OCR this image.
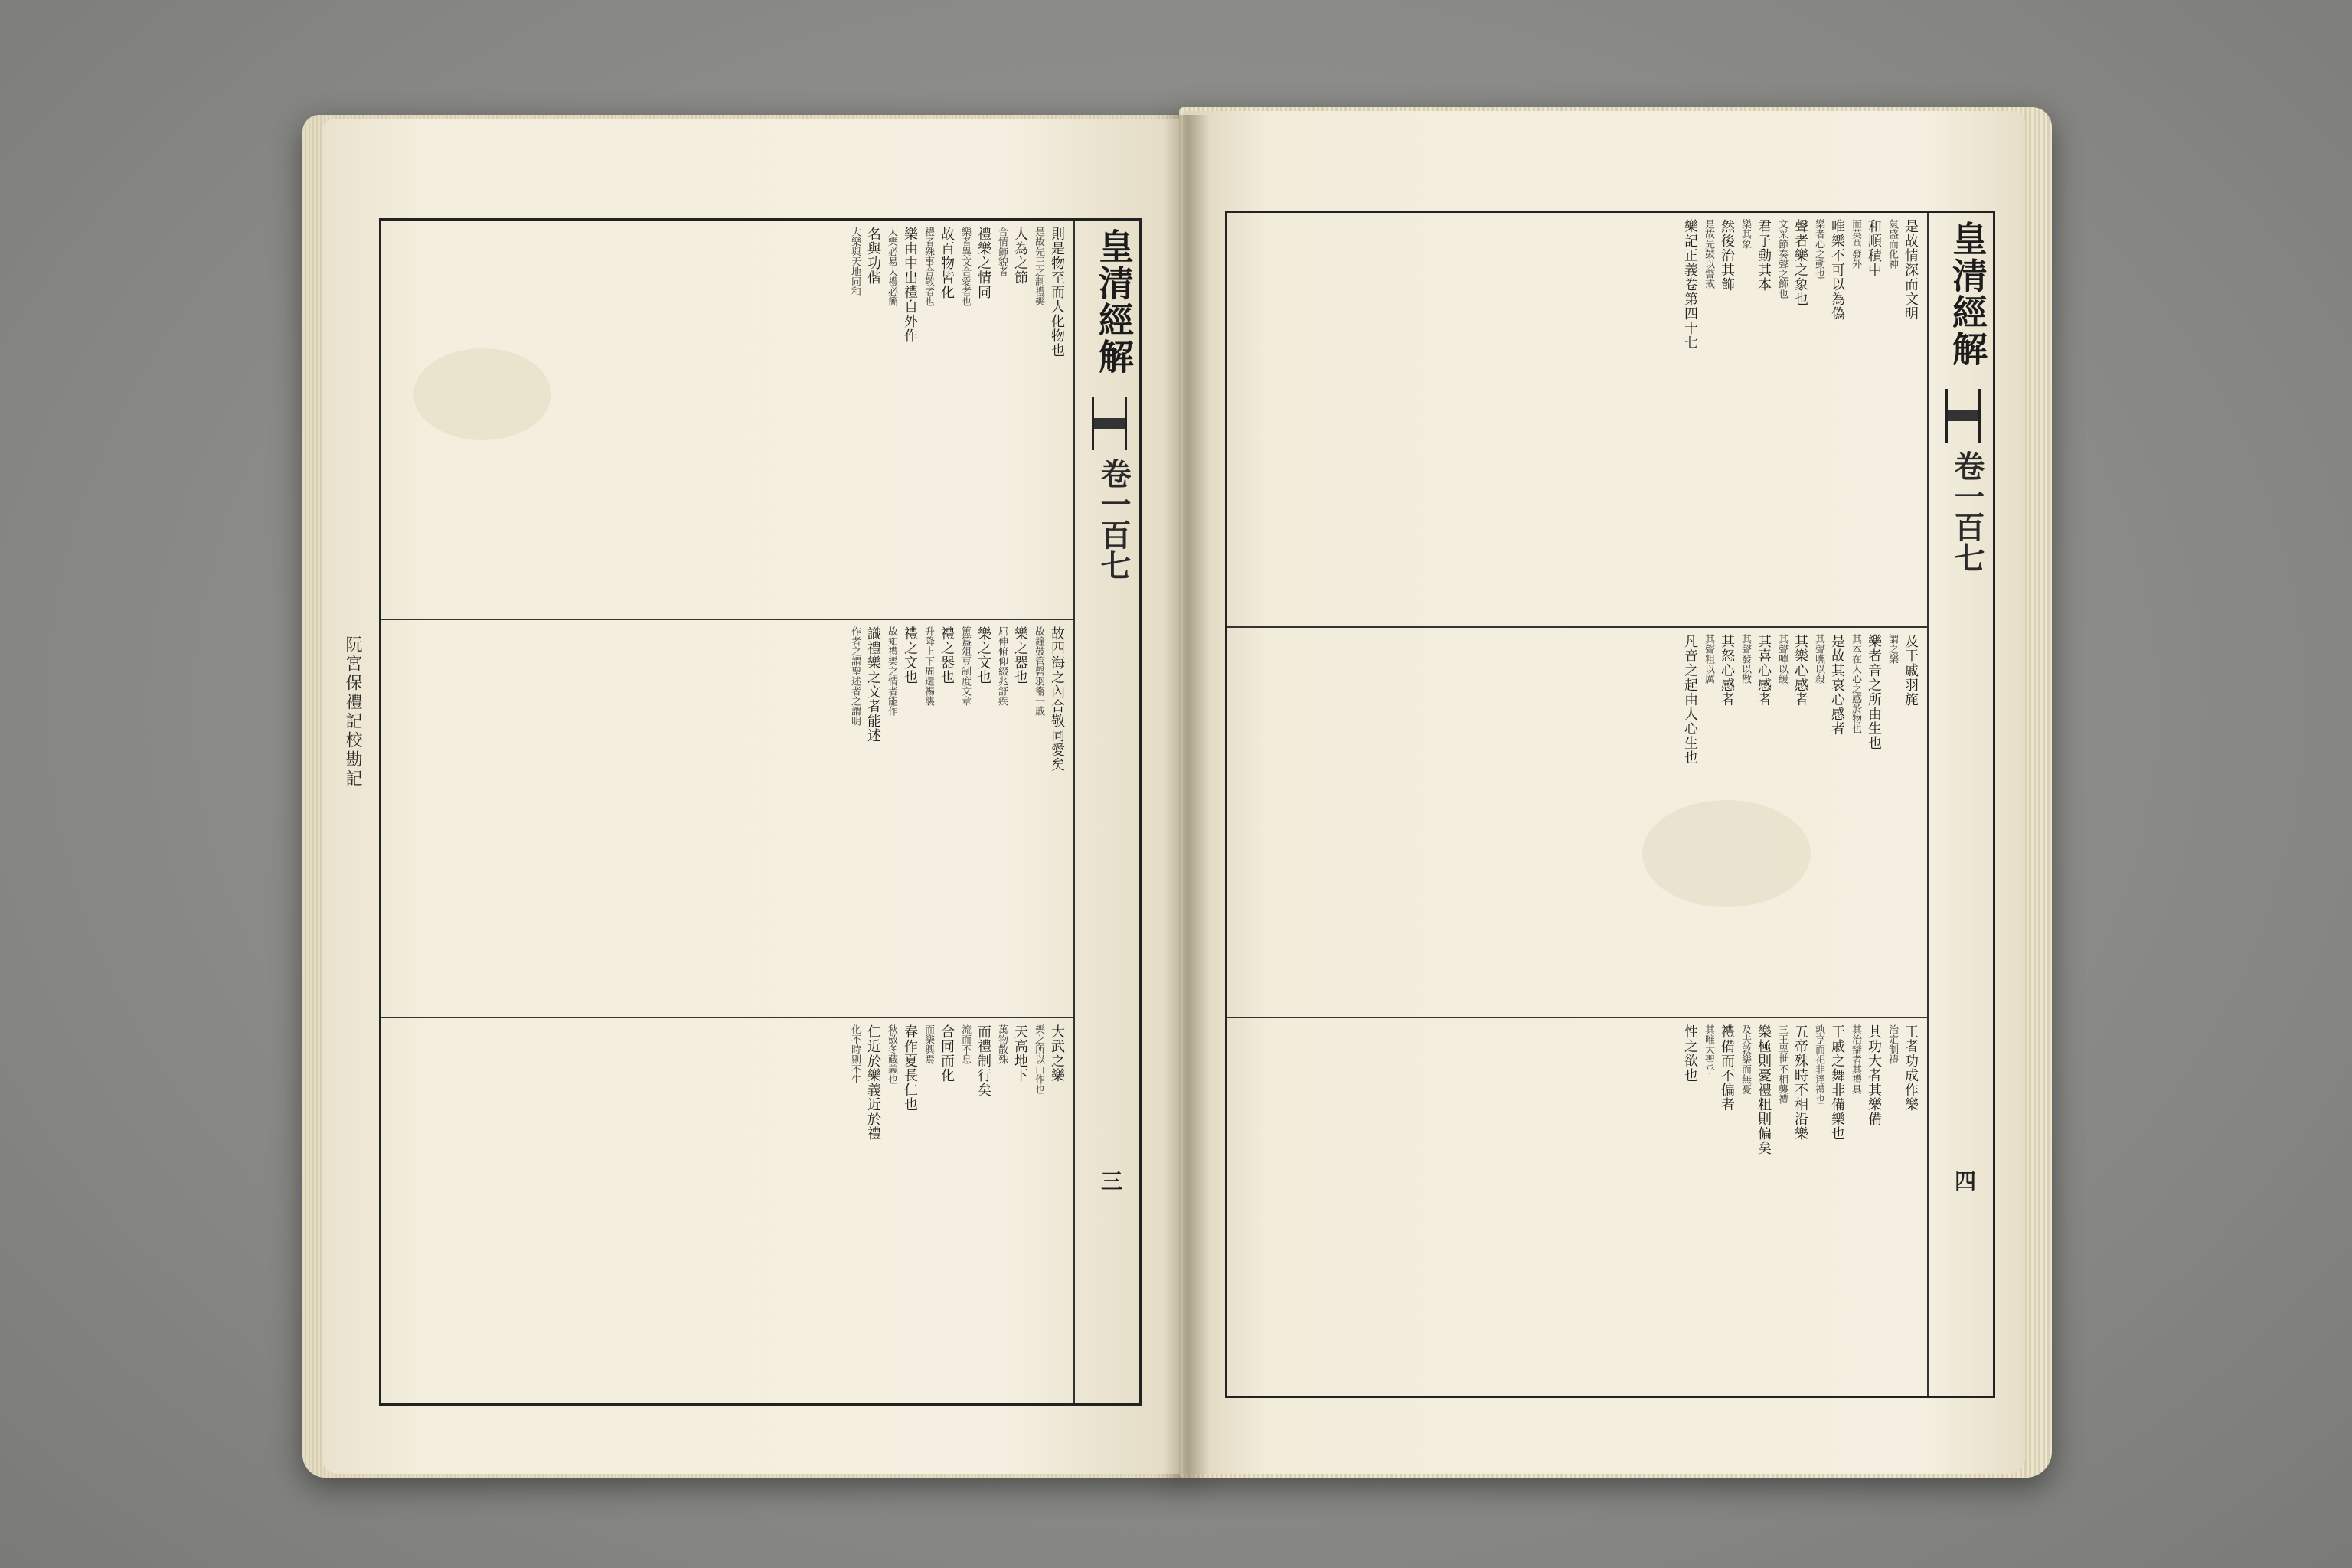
皇清經解
卷一百七
三
則是物至而人化物也
是故先王之制禮樂
人為之節
合情飾貌者
禮樂之情同
樂者異文合愛者也
故百物皆化
禮者殊事合敬者也
樂由中出禮自外作
大樂必易大禮必簡
名與功偕
大樂與天地同和
故四海之內合敬同愛矣
故鐘鼓管磬羽籥干戚
樂之器也
屈伸俯仰綴兆舒疾
樂之文也
簠簋俎豆制度文章
禮之器也
升降上下周還裼襲
禮之文也
故知禮樂之情者能作
識禮樂之文者能述
作者之謂聖述者之謂明
大武之樂
樂之所以由作也
天高地下
萬物散殊
而禮制行矣
流而不息
合同而化
而樂興焉
春作夏長仁也
秋斂冬藏義也
仁近於樂義近於禮
化不時則不生
阮宮保禮記校勘記
皇清經解
卷一百七
四
是故情深而文明
氣盛而化神
和順積中
而英華發外
唯樂不可以為偽
樂者心之動也
聲者樂之象也
文采節奏聲之飾也
君子動其本
樂其象
然後治其飾
是故先鼓以警戒
樂記正義卷第四十七
及干戚羽旄
謂之樂
樂者音之所由生也
其本在人心之感於物也
是故其哀心感者
其聲噍以殺
其樂心感者
其聲嘽以緩
其喜心感者
其聲發以散
其怒心感者
其聲粗以厲
凡音之起由人心生也
王者功成作樂
治定制禮
其功大者其樂備
其治辯者其禮具
干戚之舞非備樂也
孰亨而祀非達禮也
五帝殊時不相沿樂
三王異世不相襲禮
樂極則憂禮粗則偏矣
及夫敦樂而無憂
禮備而不偏者
其唯大聖乎
性之欲也
